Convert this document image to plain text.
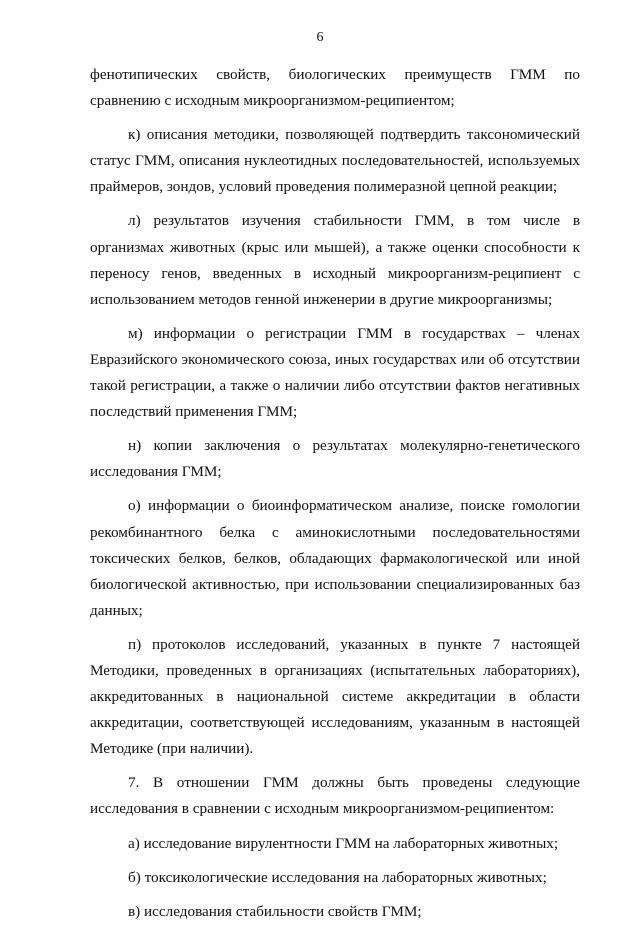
6

фенотипических свойств, биологических преимуществ ГММ по сравнению с исходным микроорганизмом-реципиентом;

к) описания методики, позволяющей подтвердить таксономический статус ГММ, описания нуклеотидных последовательностей, используемых праймеров, зондов, условий проведения полимеразной цепной реакции;

л) результатов изучения стабильности ГММ, в том числе в организмах животных (крыс или мышей), а также оценки способности к переносу генов, введенных в исходный микроорганизм-реципиент с использованием методов генной инженерии в другие микроорганизмы;

м) информации о регистрации ГММ в государствах – членах Евразийского экономического союза, иных государствах или об отсутствии такой регистрации, а также о наличии либо отсутствии фактов негативных последствий применения ГММ;

н) копии заключения о результатах молекулярно-генетического исследования ГММ;

о) информации о биоинформатическом анализе, поиске гомологии рекомбинантного белка с аминокислотными последовательностями токсических белков, белков, обладающих фармакологической или иной биологической активностью, при использовании специализированных баз данных;

п) протоколов исследований, указанных в пункте 7 настоящей Методики, проведенных в организациях (испытательных лабораториях), аккредитованных в национальной системе аккредитации в области аккредитации, соответствующей исследованиям, указанным в настоящей Методике (при наличии).

7. В отношении ГММ должны быть проведены следующие исследования в сравнении с исходным микроорганизмом-реципиентом:

а) исследование вирулентности ГММ на лабораторных животных;

б) токсикологические исследования на лабораторных животных;

в) исследования стабильности свойств ГММ;
